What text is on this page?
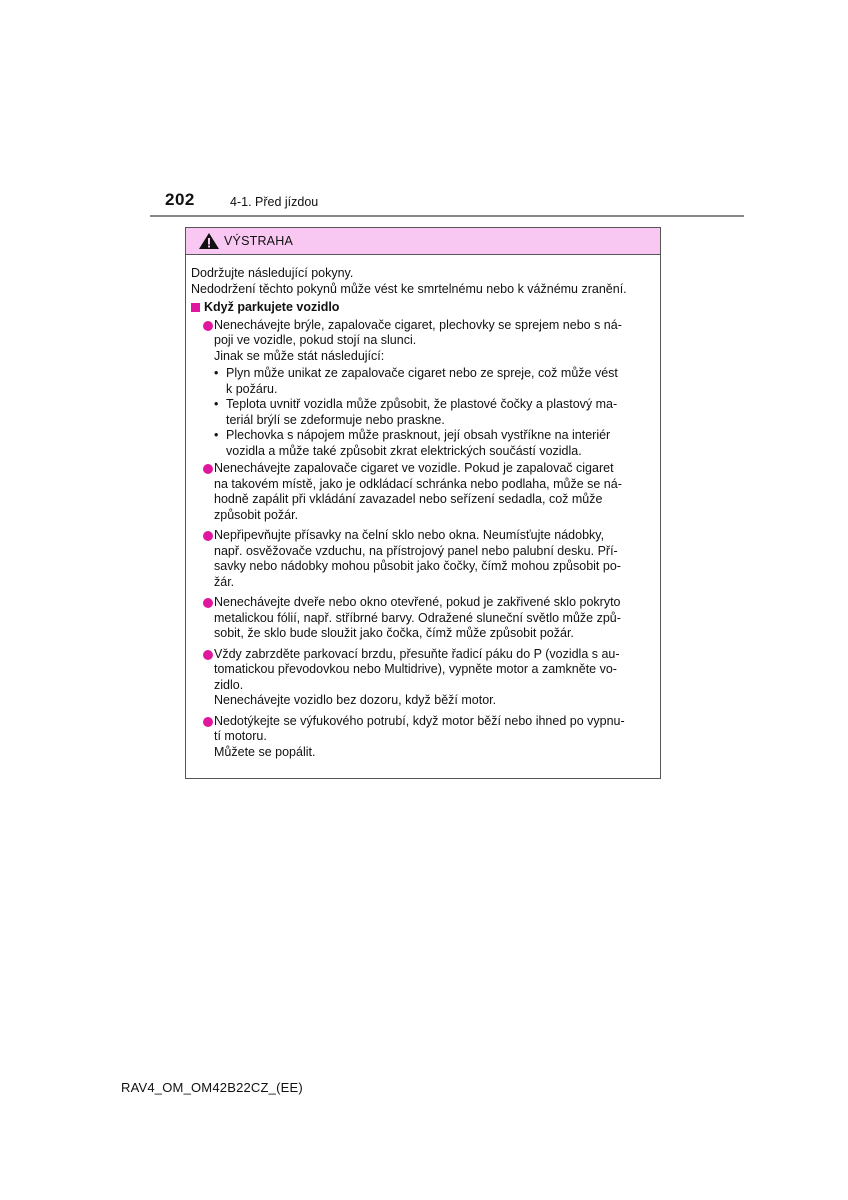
202	4-1. Před jízdou
VÝSTRAHA
Dodržujte následující pokyny.
Nedodržení těchto pokynů může vést ke smrtelnému nebo k vážnému zranění.
Když parkujete vozidlo
Nenechávejte brýle, zapalovače cigaret, plechovky se sprejem nebo s ná-
poji ve vozidle, pokud stojí na slunci.
Jinak se může stát následující:
• Plyn může unikat ze zapalovače cigaret nebo ze spreje, což může vést
k požáru.
• Teplota uvnitř vozidla může způsobit, že plastové čočky a plastový ma-
teriál brýlí se zdeformuje nebo praskne.
• Plechovka s nápojem může prasknout, její obsah vystříkne na interiér
vozidla a může také způsobit zkrat elektrických součástí vozidla.
Nenechávejte zapalovače cigaret ve vozidle. Pokud je zapalovač cigaret
na takovém místě, jako je odkládací schránka nebo podlaha, může se ná-
hodně zapálit při vkládání zavazadel nebo seřízení sedadla, což může
způsobit požár.
Nepřipevňujte přísavky na čelní sklo nebo okna. Neumísťujte nádobky,
např. osvěžovače vzduchu, na přístrojový panel nebo palubní desku. Pří-
savky nebo nádobky mohou působit jako čočky, čímž mohou způsobit po-
žár.
Nenechávejte dveře nebo okno otevřené, pokud je zakřivené sklo pokryto
metalickou fólií, např. stříbrné barvy. Odražené sluneční světlo může způ-
sobit, že sklo bude sloužit jako čočka, čímž může způsobit požár.
Vždy zabrzděte parkovací brzdu, přesuňte řadicí páku do P (vozidla s au-
tomatickou převodovkou nebo Multidrive), vypněte motor a zamkněte vo-
zidlo.
Nenechávejte vozidlo bez dozoru, když běží motor.
Nedotýkejte se výfukového potrubí, když motor běží nebo ihned po vypnu-
tí motoru.
Můžete se popálit.
RAV4_OM_OM42B22CZ_(EE)
